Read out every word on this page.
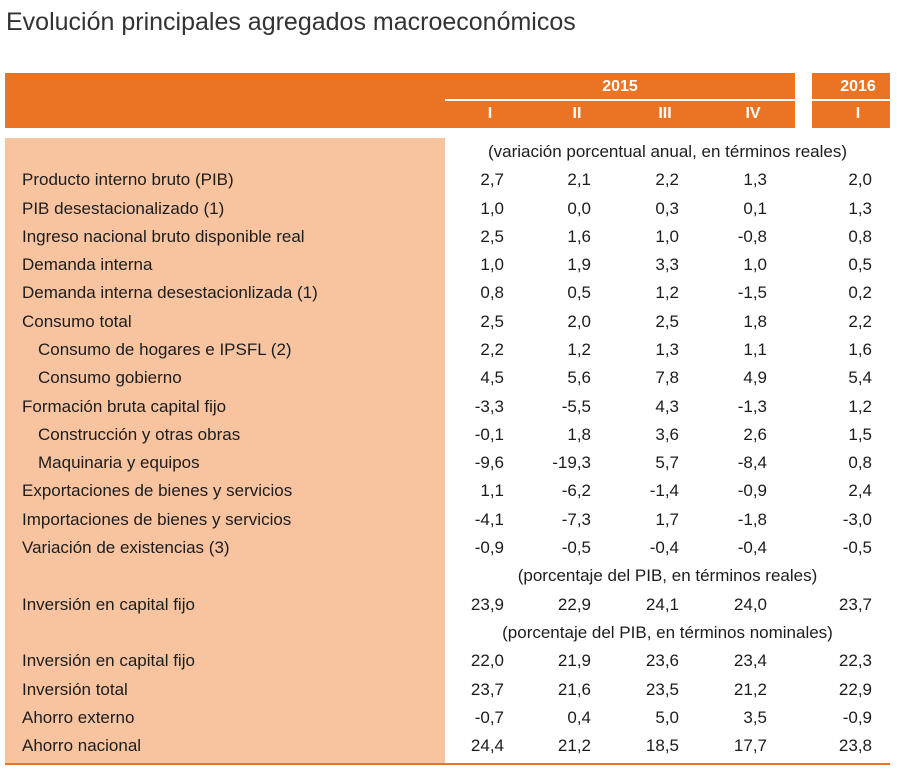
Evolución principales agregados macroeconómicos
2015
I	II	III	IV
2016
I
(variación porcentual anual, en términos reales)
Producto interno bruto (PIB)	2,7	2,1	2,2	1,3	2,0
PIB desestacionalizado (1)	1,0	0,0	0,3	0,1	1,3
Ingreso nacional bruto disponible real	2,5	1,6	1,0	-0,8	0,8
Demanda interna	1,0	1,9	3,3	1,0	0,5
Demanda interna desestacionlizada (1)	0,8	0,5	1,2	-1,5	0,2
Consumo total	2,5	2,0	2,5	1,8	2,2
Consumo de hogares e IPSFL (2)	2,2	1,2	1,3	1,1	1,6
Consumo gobierno	4,5	5,6	7,8	4,9	5,4
Formación bruta capital fijo	-3,3	-5,5	4,3	-1,3	1,2
Construcción y otras obras	-0,1	1,8	3,6	2,6	1,5
Maquinaria y equipos	-9,6	-19,3	5,7	-8,4	0,8
Exportaciones de bienes y servicios	1,1	-6,2	-1,4	-0,9	2,4
Importaciones de bienes y servicios	-4,1	-7,3	1,7	-1,8	-3,0
Variación de existencias (3)	-0,9	-0,5	-0,4	-0,4	-0,5
(porcentaje del PIB, en términos reales)
Inversión en capital fijo	23,9	22,9	24,1	24,0	23,7
(porcentaje del PIB, en términos nominales)
Inversión en capital fijo	22,0	21,9	23,6	23,4	22,3
Inversión total	23,7	21,6	23,5	21,2	22,9
Ahorro externo	-0,7	0,4	5,0	3,5	-0,9
Ahorro nacional	24,4	21,2	18,5	17,7	23,8
